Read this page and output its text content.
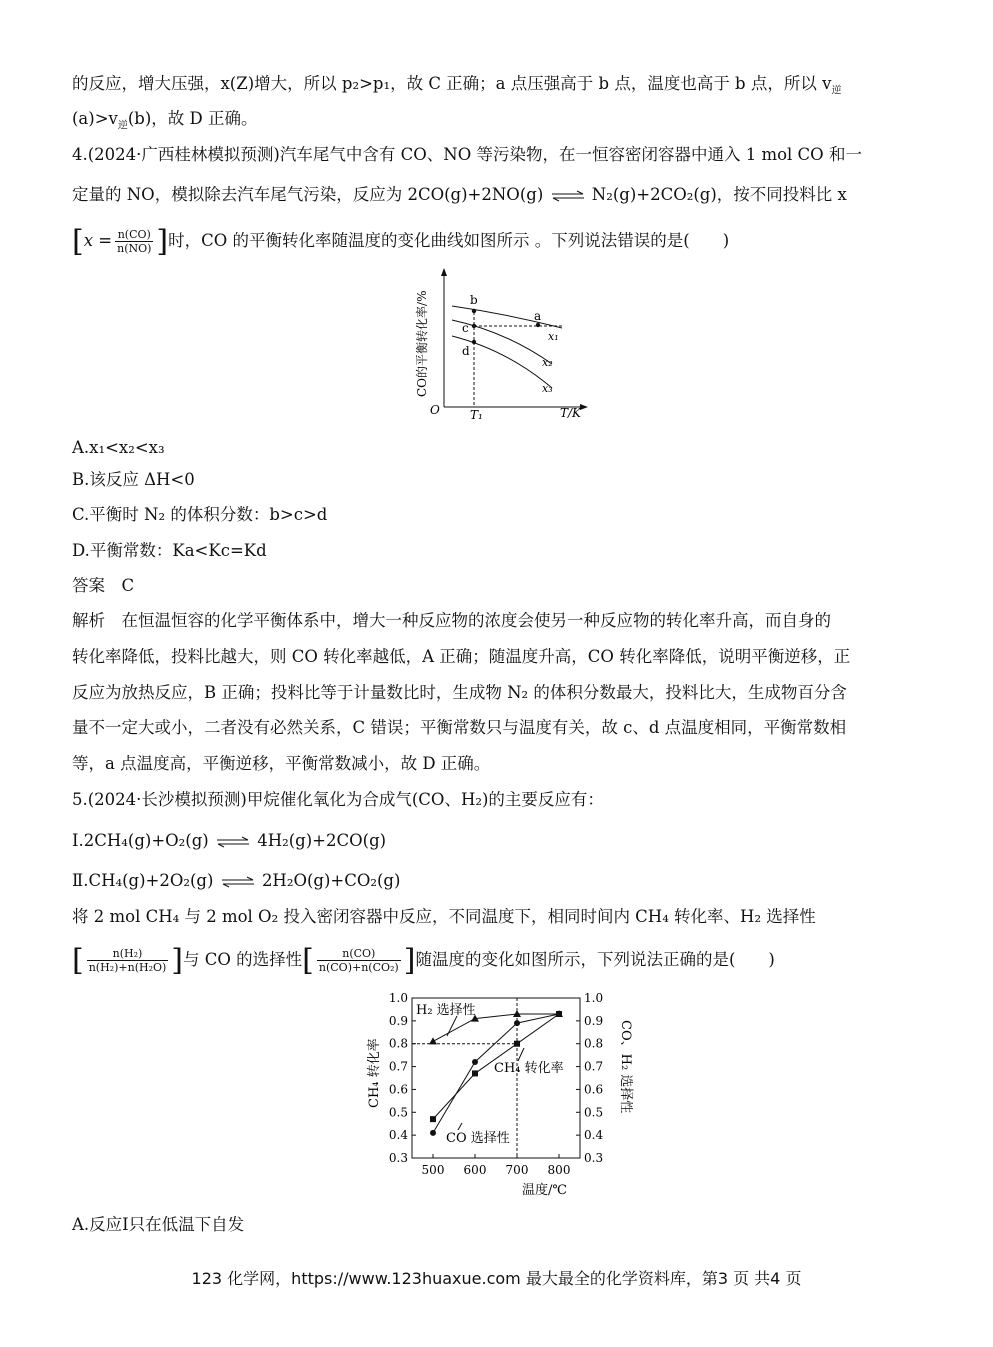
的反应，增大压强，x(Z)增大，所以 p₂>p₁，故 C 正确；a 点压强高于 b 点，温度也高于 b 点，所以 $v_逆$
$(a)>v_逆(b)$，故 D 正确。
4.(2024·广西桂林模拟预测)汽车尾气中含有 CO、NO 等污染物，在一恒容密闭容器中通入 1 mol CO 和一
定量的 NO，模拟除去汽车尾气污染，反应为 2CO(g)+2NO(g) ⇌ N₂(g)+2CO₂(g)，按不同投料比 x
[$x = \frac{n(CO)}{n(NO)}$ ]时，CO 的平衡转化率随温度的变化曲线如图所示 。下列说法错误的是(　　)
CO的平衡转化率/%
O	T₁	T/K
b
c
d
a
x₁
x₂
x₃
A.x₁<x₂<x₃
B.该反应 ΔH<0
C.平衡时 N₂ 的体积分数：b>c>d
D.平衡常数：Ka<Kc=Kd
答案　C
解析　在恒温恒容的化学平衡体系中，增大一种反应物的浓度会使另一种反应物的转化率升高，而自身的
转化率降低，投料比越大，则 CO 转化率越低，A 正确；随温度升高，CO 转化率降低，说明平衡逆移，正
反应为放热反应，B 正确；投料比等于计量数比时，生成物 N₂ 的体积分数最大，投料比大，生成物百分含
量不一定大或小，二者没有必然关系，C 错误；平衡常数只与温度有关，故 c、d 点温度相同，平衡常数相
等，a 点温度高，平衡逆移，平衡常数减小，故 D 正确。
5.(2024·长沙模拟预测)甲烷催化氧化为合成气(CO、H₂)的主要反应有：
Ⅰ.2CH₄(g)+O₂(g) ⇌ 4H₂(g)+2CO(g)
Ⅱ.CH₄(g)+2O₂(g) ⇌ 2H₂O(g)+CO₂(g)
将 2 mol CH₄ 与 2 mol O₂ 投入密闭容器中反应，不同温度下，相同时间内 CH₄ 转化率、H₂ 选择性
[ $\frac{\text{n(H₂)}}{\text{n(H₂)+n(H₂O)}}$ ]与 CO 的选择性[ $\frac{n(CO)}{\text{n(CO)+n(CO₂)}}$ ]随温度的变化如图所示，下列说法正确的是(　　)
1.0
0.9
0.8
0.7
0.6
0.5
0.4
0.3
1.0
0.9
0.8
0.7
0.6
0.5
0.4
0.3
500 600 700 800
CH₄ 转化率	CO、H₂ 选择性
温度/℃
H₂ 选择性
CH₄ 转化率
CO 选择性
A.反应Ⅰ只在低温下自发
123 化学网，https://www.123huaxue.com 最大最全的化学资料库，第3 页 共4 页
